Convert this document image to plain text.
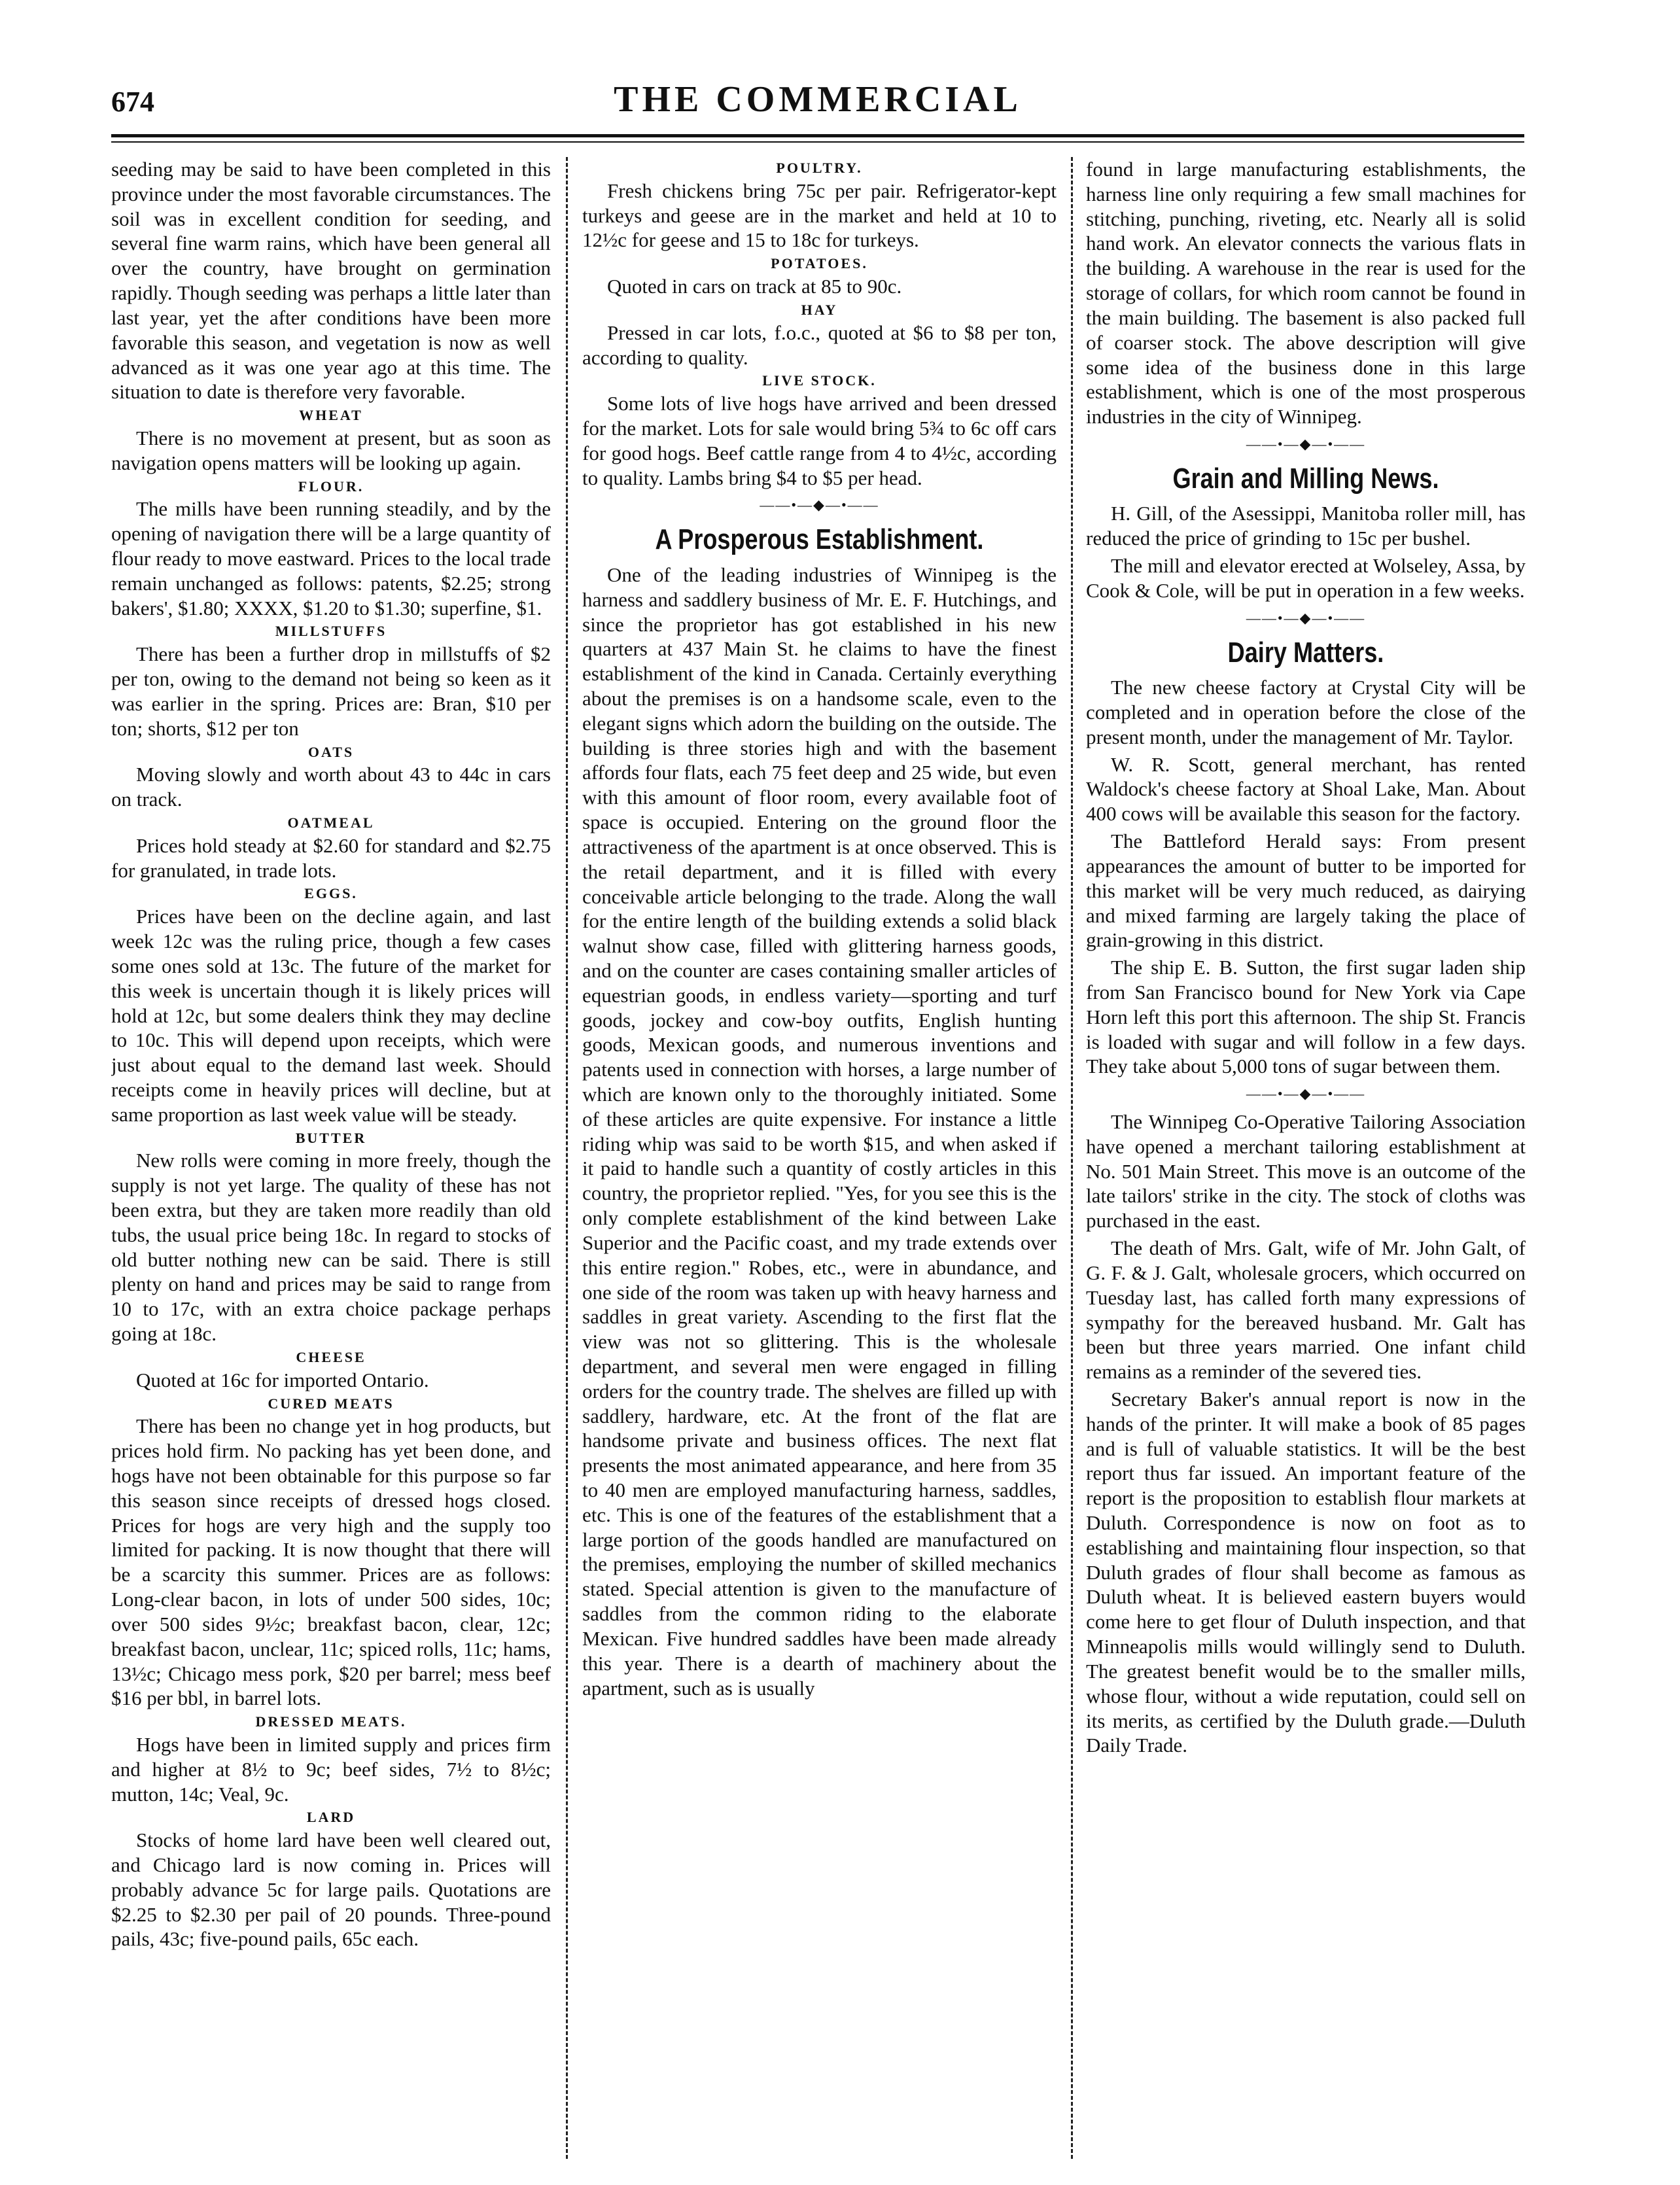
674	THE COMMERCIAL

seeding may be said to have been completed in this province under the most favorable circumstances. The soil was in excellent condition for seeding, and several fine warm rains, which have been general all over the country, have brought on germination rapidly. Though seeding was perhaps a little later than last year, yet the after conditions have been more favorable this season, and vegetation is now as well advanced as it was one year ago at this time. The situation to date is therefore very favorable.

WHEAT

There is no movement at present, but as soon as navigation opens matters will be looking up again.

FLOUR.

The mills have been running steadily, and by the opening of navigation there will be a large quantity of flour ready to move eastward. Prices to the local trade remain unchanged as follows: patents, $2.25; strong bakers', $1.80; XXXX, $1.20 to $1.30; superfine, $1.

MILLSTUFFS

There has been a further drop in millstuffs of $2 per ton, owing to the demand not being so keen as it was earlier in the spring. Prices are: Bran, $10 per ton; shorts, $12 per ton

OATS

Moving slowly and worth about 43 to 44c in cars on track.

OATMEAL

Prices hold steady at $2.60 for standard and $2.75 for granulated, in trade lots.

EGGS.

Prices have been on the decline again, and last week 12c was the ruling price, though a few cases some ones sold at 13c. The future of the market for this week is uncertain though it is likely prices will hold at 12c, but some dealers think they may decline to 10c. This will depend upon receipts, which were just about equal to the demand last week. Should receipts come in heavily prices will decline, but at same proportion as last week value will be steady.

BUTTER

New rolls were coming in more freely, though the supply is not yet large. The quality of these has not been extra, but they are taken more readily than old tubs, the usual price being 18c. In regard to stocks of old butter nothing new can be said. There is still plenty on hand and prices may be said to range from 10 to 17c, with an extra choice package perhaps going at 18c.

CHEESE

Quoted at 16c for imported Ontario.

CURED MEATS

There has been no change yet in hog products, but prices hold firm. No packing has yet been done, and hogs have not been obtainable for this purpose so far this season since receipts of dressed hogs closed. Prices for hogs are very high and the supply too limited for packing. It is now thought that there will be a scarcity this summer. Prices are as follows: Long-clear bacon, in lots of under 500 sides, 10c; over 500 sides 9½c; breakfast bacon, clear, 12c; breakfast bacon, unclear, 11c; spiced rolls, 11c; hams, 13½c; Chicago mess pork, $20 per barrel; mess beef $16 per bbl, in barrel lots.

DRESSED MEATS.

Hogs have been in limited supply and prices firm and higher at 8½ to 9c; beef sides, 7½ to 8½c; mutton, 14c; Veal, 9c.

LARD

Stocks of home lard have been well cleared out, and Chicago lard is now coming in. Prices will probably advance 5c for large pails. Quotations are $2.25 to $2.30 per pail of 20 pounds. Three-pound pails, 43c; five-pound pails, 65c each.

POULTRY.

Fresh chickens bring 75c per pair. Refrigerator-kept turkeys and geese are in the market and held at 10 to 12½c for geese and 15 to 18c for turkeys.

POTATOES.

Quoted in cars on track at 85 to 90c.

HAY

Pressed in car lots, f.o.c., quoted at $6 to $8 per ton, according to quality.

LIVE STOCK.

Some lots of live hogs have arrived and been dressed for the market. Lots for sale would bring 5¾ to 6c off cars for good hogs. Beef cattle range from 4 to 4½c, according to quality. Lambs bring $4 to $5 per head.

——•—◆—•——
A Prosperous Establishment.

One of the leading industries of Winnipeg is the harness and saddlery business of Mr. E. F. Hutchings, and since the proprietor has got established in his new quarters at 437 Main St. he claims to have the finest establishment of the kind in Canada. Certainly everything about the premises is on a handsome scale, even to the elegant signs which adorn the building on the outside. The building is three stories high and with the basement affords four flats, each 75 feet deep and 25 wide, but even with this amount of floor room, every available foot of space is occupied. Entering on the ground floor the attractiveness of the apartment is at once observed. This is the retail department, and it is filled with every conceivable article belonging to the trade. Along the wall for the entire length of the building extends a solid black walnut show case, filled with glittering harness goods, and on the counter are cases containing smaller articles of equestrian goods, in endless variety—sporting and turf goods, jockey and cow-boy outfits, English hunting goods, Mexican goods, and numerous inventions and patents used in connection with horses, a large number of which are known only to the thoroughly initiated. Some of these articles are quite expensive. For instance a little riding whip was said to be worth $15, and when asked if it paid to handle such a quantity of costly articles in this country, the proprietor replied. "Yes, for you see this is the only complete establishment of the kind between Lake Superior and the Pacific coast, and my trade extends over this entire region." Robes, etc., were in abundance, and one side of the room was taken up with heavy harness and saddles in great variety. Ascending to the first flat the view was not so glittering. This is the wholesale department, and several men were engaged in filling orders for the country trade. The shelves are filled up with saddlery, hardware, etc. At the front of the flat are handsome private and business offices. The next flat presents the most animated appearance, and here from 35 to 40 men are employed manufacturing harness, saddles, etc. This is one of the features of the establishment that a large portion of the goods handled are manufactured on the premises, employing the number of skilled mechanics stated. Special attention is given to the manufacture of saddles from the common riding to the elaborate Mexican. Five hundred saddles have been made already this year. There is a dearth of machinery about the apartment, such as is usually

found in large manufacturing establishments, the harness line only requiring a few small machines for stitching, punching, riveting, etc. Nearly all is solid hand work. An elevator connects the various flats in the building. A warehouse in the rear is used for the storage of collars, for which room cannot be found in the main building. The basement is also packed full of coarser stock. The above description will give some idea of the business done in this large establishment, which is one of the most prosperous industries in the city of Winnipeg.

——•—◆—•——
Grain and Milling News.

H. Gill, of the Asessippi, Manitoba roller mill, has reduced the price of grinding to 15c per bushel.

The mill and elevator erected at Wolseley, Assa, by Cook & Cole, will be put in operation in a few weeks.

——•—◆—•——
Dairy Matters.

The new cheese factory at Crystal City will be completed and in operation before the close of the present month, under the management of Mr. Taylor.

W. R. Scott, general merchant, has rented Waldock's cheese factory at Shoal Lake, Man. About 400 cows will be available this season for the factory.

The Battleford Herald says: From present appearances the amount of butter to be imported for this market will be very much reduced, as dairying and mixed farming are largely taking the place of grain-growing in this district.

The ship E. B. Sutton, the first sugar laden ship from San Francisco bound for New York via Cape Horn left this port this afternoon. The ship St. Francis is loaded with sugar and will follow in a few days. They take about 5,000 tons of sugar between them.

——•—◆—•——

The Winnipeg Co-Operative Tailoring Association have opened a merchant tailoring establishment at No. 501 Main Street. This move is an outcome of the late tailors' strike in the city. The stock of cloths was purchased in the east.

The death of Mrs. Galt, wife of Mr. John Galt, of G. F. & J. Galt, wholesale grocers, which occurred on Tuesday last, has called forth many expressions of sympathy for the bereaved husband. Mr. Galt has been but three years married. One infant child remains as a reminder of the severed ties.

Secretary Baker's annual report is now in the hands of the printer. It will make a book of 85 pages and is full of valuable statistics. It will be the best report thus far issued. An important feature of the report is the proposition to establish flour markets at Duluth. Correspondence is now on foot as to establishing and maintaining flour inspection, so that Duluth grades of flour shall become as famous as Duluth wheat. It is believed eastern buyers would come here to get flour of Duluth inspection, and that Minneapolis mills would willingly send to Duluth. The greatest benefit would be to the smaller mills, whose flour, without a wide reputation, could sell on its merits, as certified by the Duluth grade.—Duluth Daily Trade.
